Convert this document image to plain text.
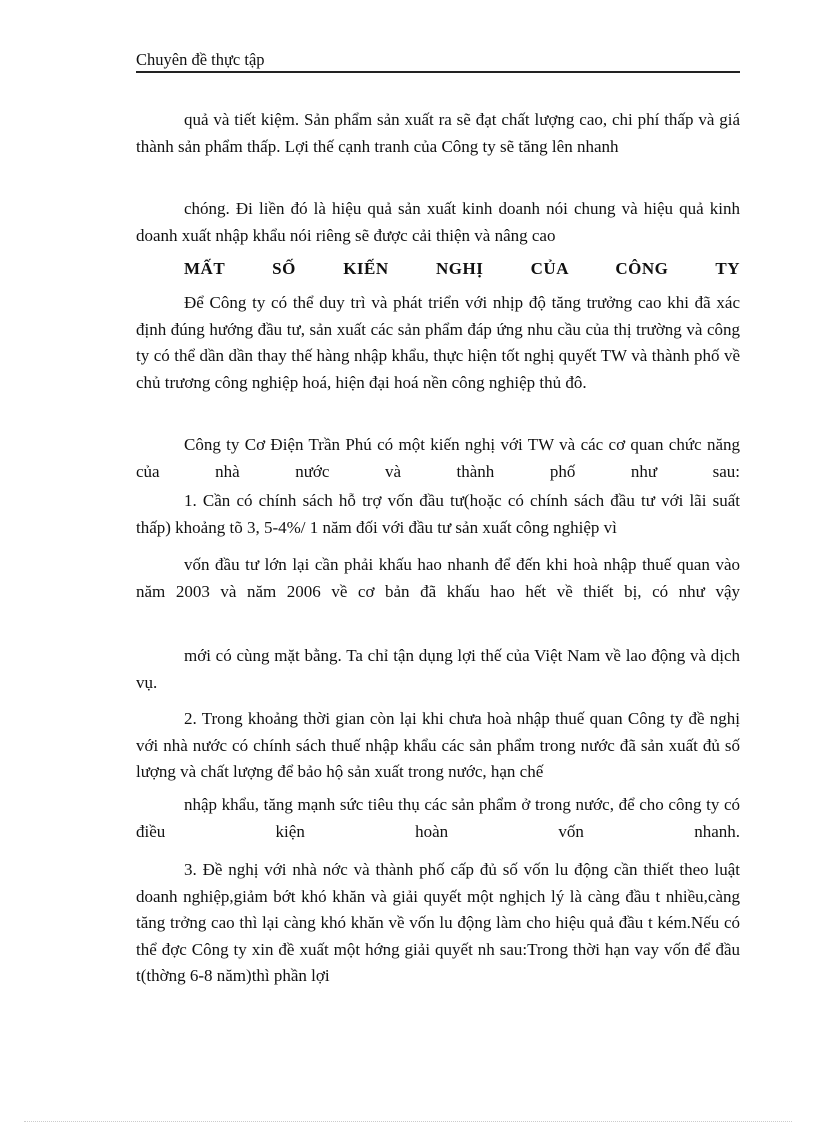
Chuyên đề thực tập

quả và tiết kiệm. Sản phẩm sản xuất ra sẽ đạt chất lượng cao, chi phí thấp và giá thành sản phẩm thấp. Lợi thế cạnh tranh của Công ty sẽ tăng lên nhanh

chóng. Đi liền đó là hiệu quả sản xuất kinh doanh nói chung và hiệu quả kinh doanh xuất nhập khẩu nói riêng sẽ được cải thiện và nâng cao

MẤT SỐ KIẾN NGHỊ CỦA CÔNG TY

Để Công ty có thể duy trì và phát triển với nhịp độ tăng trưởng cao khi đã xác định đúng hướng đầu tư, sản xuất các sản phẩm đáp ứng nhu cầu của thị trường và công ty có thể dần dần thay thế hàng nhập khẩu, thực hiện tốt nghị quyết TW và thành phố về chủ trương công nghiệp hoá, hiện đại hoá nền công nghiệp thủ đô.

Công ty Cơ Điện Trần Phú có một kiến nghị với TW và các cơ quan chức năng của nhà nước và thành phố như sau:

1. Cần có chính sách hỗ trợ vốn đầu tư(hoặc có chính sách đầu tư với lãi suất thấp) khoảng tõ 3, 5-4%/ 1 năm đối với đầu tư sản xuất công nghiệp vì

vốn đầu tư lớn lại cần phải khấu hao nhanh để đến khi hoà nhập thuế quan vào năm 2003 và năm 2006 về cơ bản đã khấu hao hết về thiết bị, có như vậy

mới có cùng mặt bằng. Ta chỉ tận dụng lợi thế của Việt Nam về lao động và dịch vụ.

2. Trong khoảng thời gian còn lại khi chưa hoà nhập thuế quan Công ty đề nghị với nhà nước có chính sách thuế nhập khẩu các sản phẩm trong nước đã sản xuất đủ số lượng và chất lượng để bảo hộ sản xuất trong nước, hạn chế

nhập khẩu, tăng mạnh sức tiêu thụ các sản phẩm ở trong nước, để cho công ty có điều kiện hoàn vốn nhanh.

3. Đề nghị với nhà nớc và thành phố cấp đủ số vốn lu động cần thiết theo luật doanh nghiệp,giảm bớt khó khăn và giải quyết một nghịch lý là càng đầu t nhiều,càng tăng trởng cao thì lại càng khó khăn về vốn lu động làm cho hiệu quả đầu t kém.Nếu có thể đợc Công ty xin đề xuất một hớng giải quyết nh sau:Trong thời hạn vay vốn để đầu t(thờng 6-8 năm)thì phần lợi
